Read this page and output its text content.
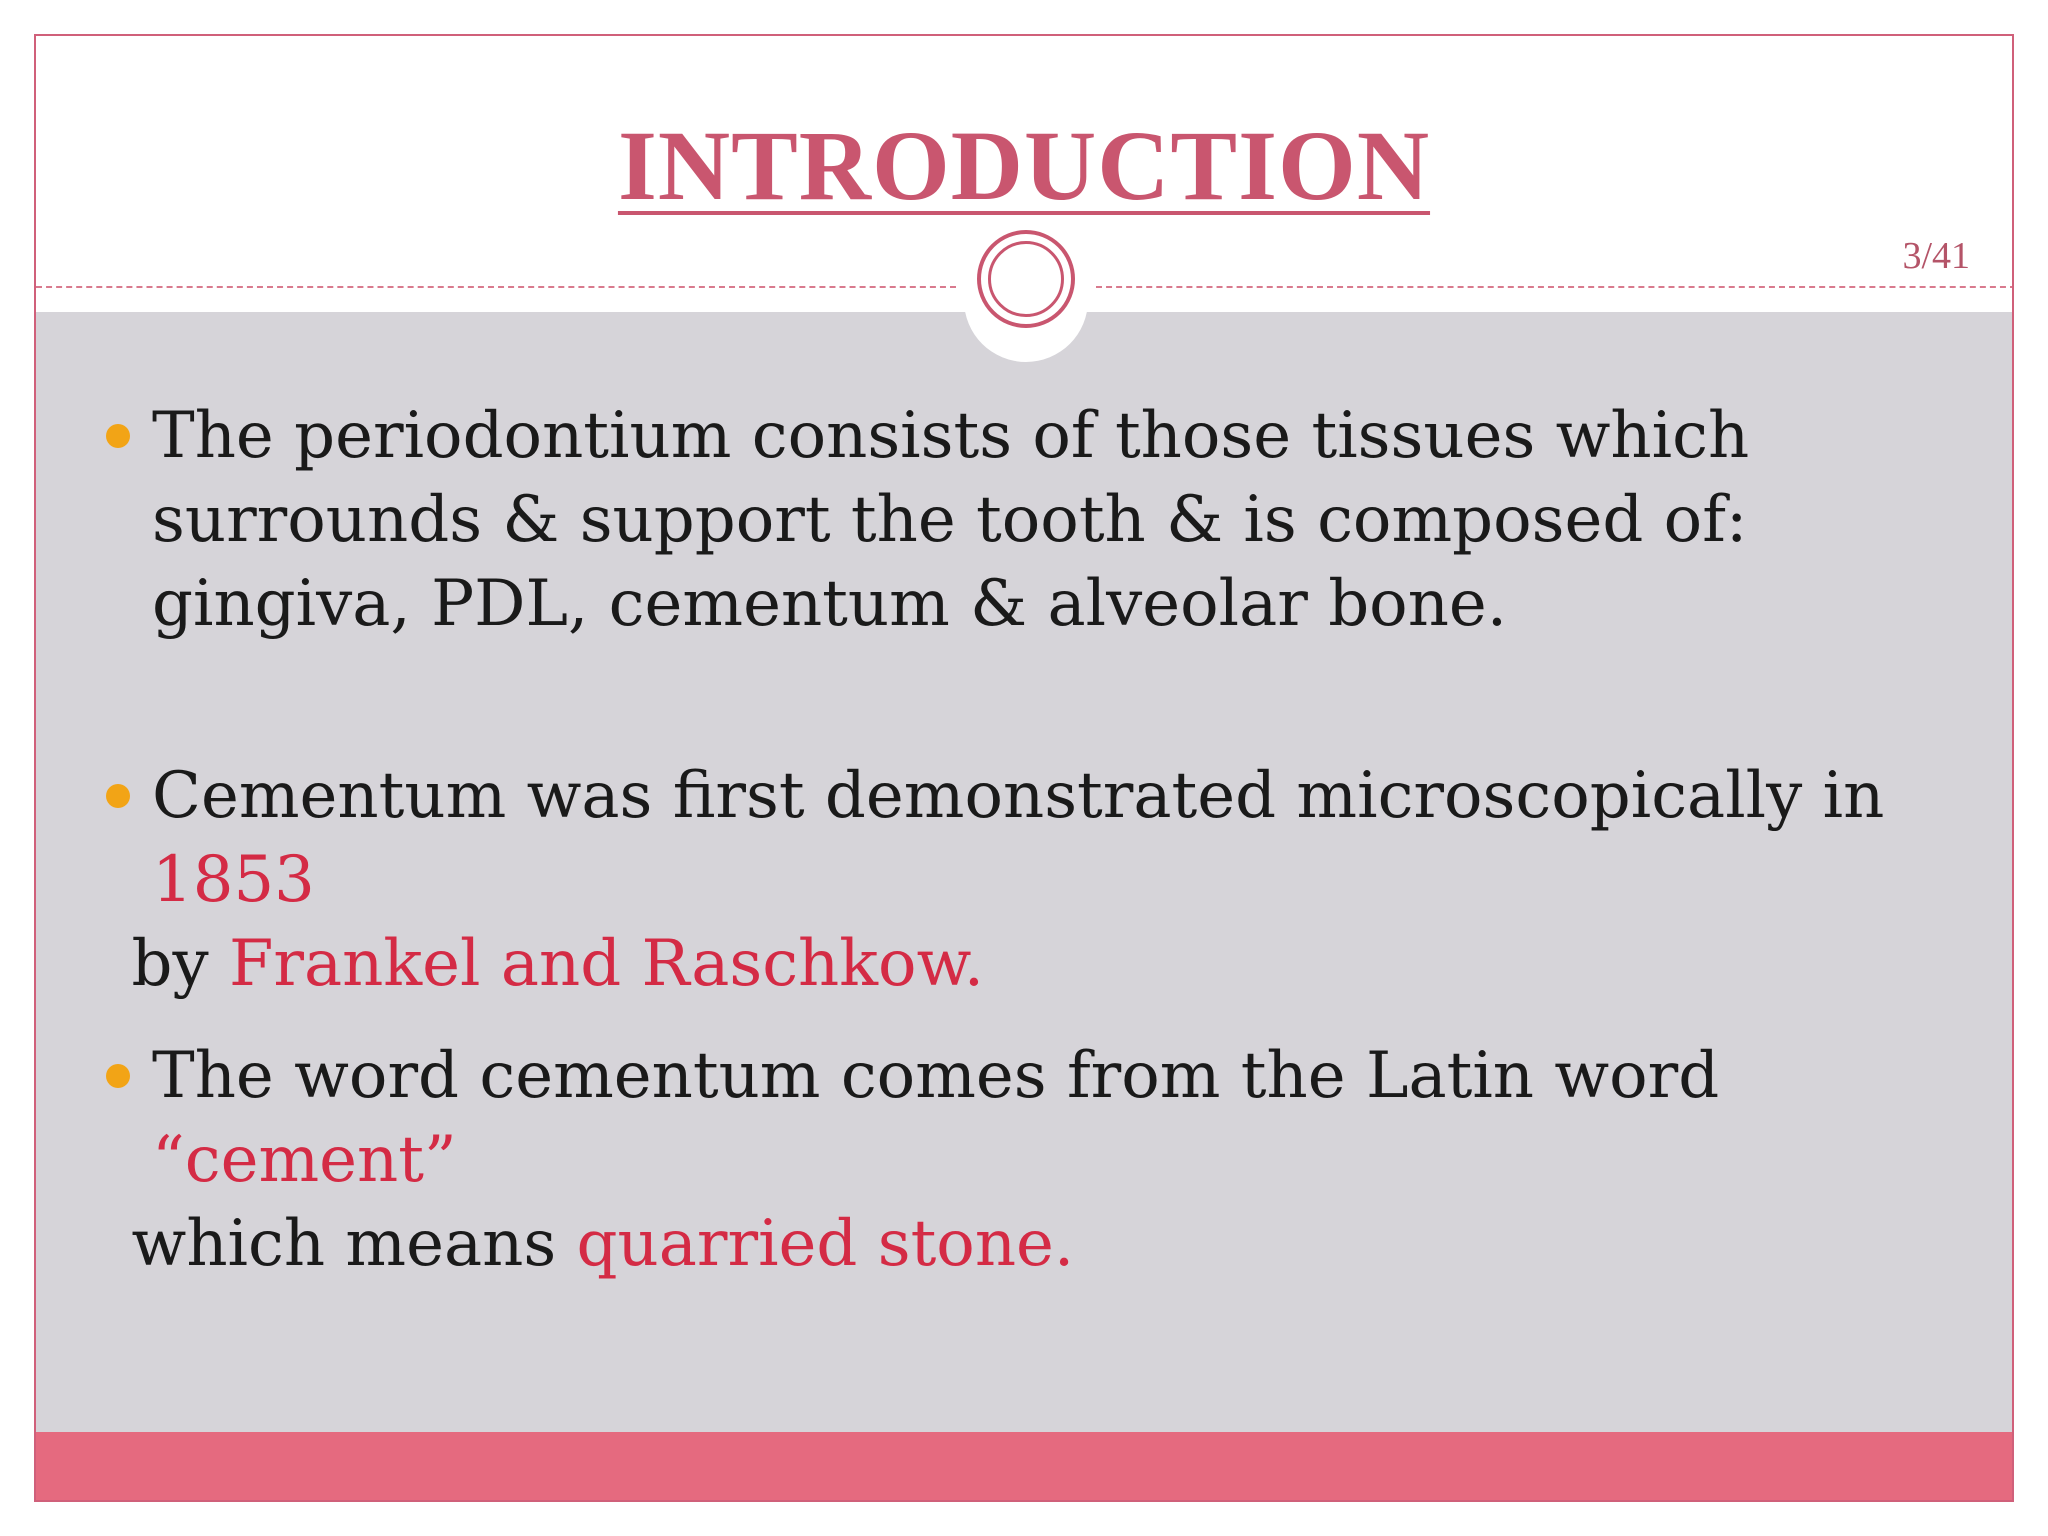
INTRODUCTION
3/41
The periodontium consists of those tissues which surrounds & support the tooth & is composed of: gingiva, PDL, cementum & alveolar bone.
Cementum was first demonstrated microscopically in 1853
by Frankel and Raschkow.
The word cementum comes from the Latin word “cement”
which means quarried stone.
